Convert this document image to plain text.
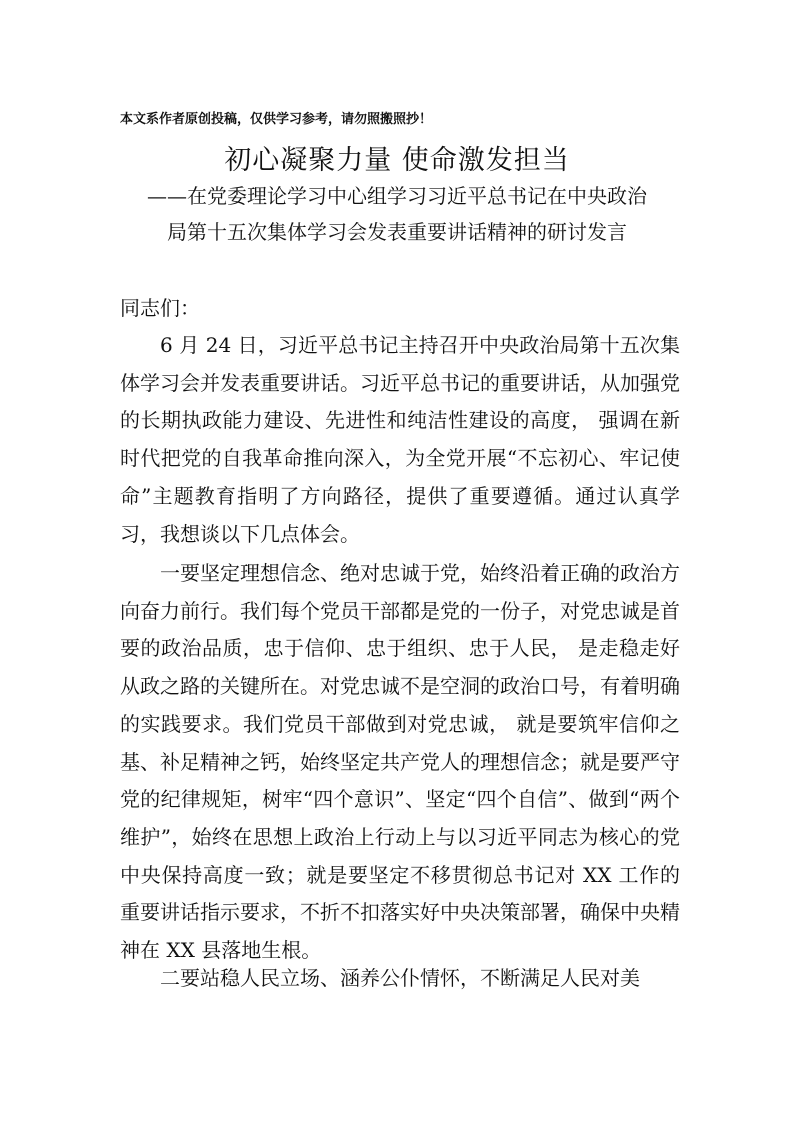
本文系作者原创投稿，仅供学习参考，请勿照搬照抄！
初心凝聚力量 使命激发担当
——在党委理论学习中心组学习习近平总书记在中央政治
局第十五次集体学习会发表重要讲话精神的研讨发言
同志们：

6 月 24 日，习近平总书记主持召开中央政治局第十五次集体学习会并发表重要讲话。习近平总书记的重要讲话，从加强党的长期执政能力建设、先进性和纯洁性建设的高度， 强调在新时代把党的自我革命推向深入，为全党开展“不忘初心、牢记使命”主题教育指明了方向路径，提供了重要遵循。通过认真学习，我想谈以下几点体会。

一要坚定理想信念、绝对忠诚于党，始终沿着正确的政治方向奋力前行。我们每个党员干部都是党的一份子，对党忠诚是首要的政治品质，忠于信仰、忠于组织、忠于人民， 是走稳走好从政之路的关键所在。对党忠诚不是空洞的政治口号，有着明确的实践要求。我们党员干部做到对党忠诚， 就是要筑牢信仰之基、补足精神之钙，始终坚定共产党人的理想信念；就是要严守党的纪律规矩，树牢“四个意识”、坚定“四个自信”、做到“两个维护”，始终在思想上政治上行动上与以习近平同志为核心的党中央保持高度一致；就是要坚定不移贯彻总书记对 XX 工作的重要讲话指示要求，不折不扣落实好中央决策部署，确保中央精神在 XX 县落地生根。

二要站稳人民立场、涵养公仆情怀，不断满足人民对美
